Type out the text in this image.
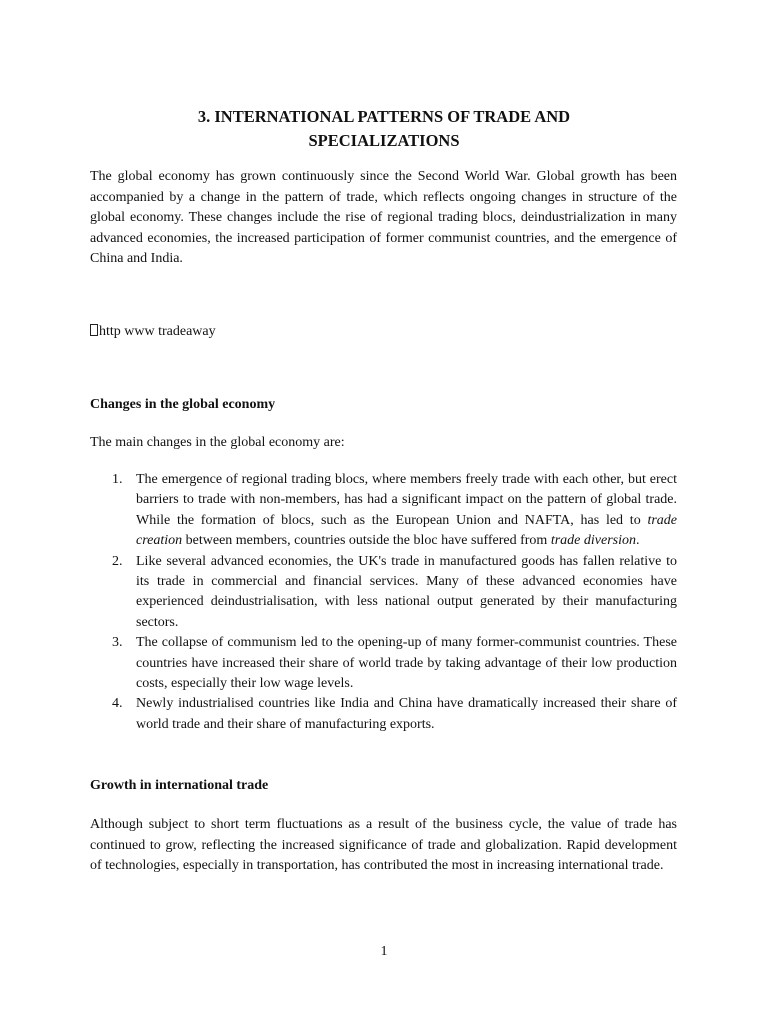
3. INTERNATIONAL PATTERNS OF TRADE AND
SPECIALIZATIONS

The global economy has grown continuously since the Second World War. Global growth has been accompanied by a change in the pattern of trade, which reflects ongoing changes in structure of the global economy. These changes include the rise of regional trading blocs, deindustrialization in many advanced economies, the increased participation of former communist countries, and the emergence of China and India.

http www tradeaway

Changes in the global economy

The main changes in the global economy are:

1. The emergence of regional trading blocs, where members freely trade with each other, but erect barriers to trade with non-members, has had a significant impact on the pattern of global trade. While the formation of blocs, such as the European Union and NAFTA, has led to trade creation between members, countries outside the bloc have suffered from trade diversion.
2. Like several advanced economies, the UK's trade in manufactured goods has fallen relative to its trade in commercial and financial services. Many of these advanced economies have experienced deindustrialisation, with less national output generated by their manufacturing sectors.
3. The collapse of communism led to the opening-up of many former-communist countries. These countries have increased their share of world trade by taking advantage of their low production costs, especially their low wage levels.
4. Newly industrialised countries like India and China have dramatically increased their share of world trade and their share of manufacturing exports.
Growth in international trade

Although subject to short term fluctuations as a result of the business cycle, the value of trade has continued to grow, reflecting the increased significance of trade and globalization. Rapid development of technologies, especially in transportation, has contributed the most in increasing international trade.

1
